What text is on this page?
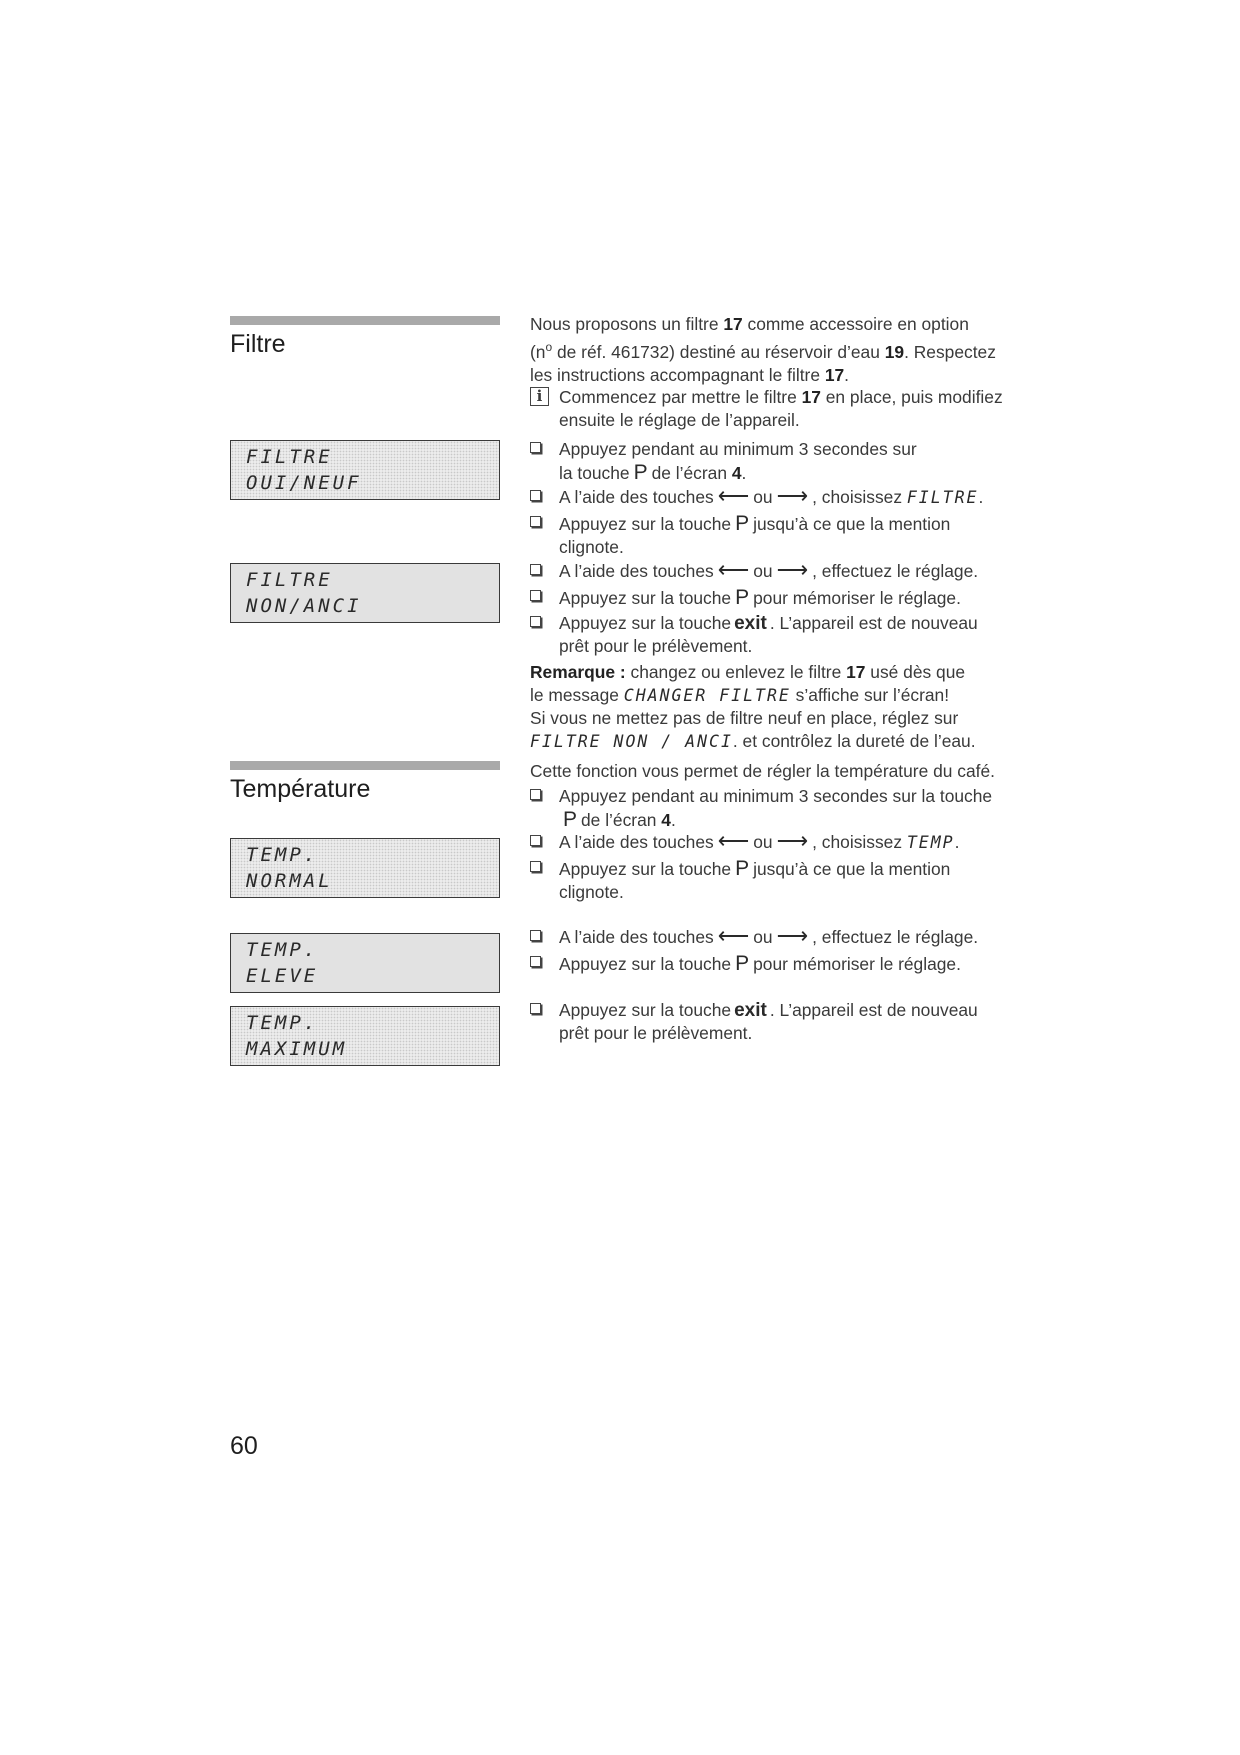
Filtre
FILTRE
OUI/NEUF
FILTRE
NON/ANCI
Température
TEMP.
NORMAL
TEMP.
ELEVE
TEMP.
MAXIMUM
Nous proposons un filtre 17 comme accessoire en option
($n^o$ de réf. 461732) destiné au réservoir d’eau 19. Respectez
les instructions accompagnant le filtre 17.
i Commencez par mettre le filtre 17 en place, puis modifiez
ensuite le réglage de l’appareil.
Appuyez pendant au minimum 3 secondes sur
la touche P de l’écran 4.
A l’aide des touches ⟵ ou ⟶ , choisissez FILTRE.
Appuyez sur la touche P jusqu’à ce que la mention
clignote.
A l’aide des touches ⟵ ou ⟶ , effectuez le réglage.
Appuyez sur la touche P pour mémoriser le réglage.
Appuyez sur la touche exit . L’appareil est de nouveau
prêt pour le prélèvement.
Remarque : changez ou enlevez le filtre 17 usé dès que
le message CHANGER FILTRE s’affiche sur l’écran!
Si vous ne mettez pas de filtre neuf en place, réglez sur
FILTRE NON / ANCI. et contrôlez la dureté de l’eau.
Cette fonction vous permet de régler la température du café.
Appuyez pendant au minimum 3 secondes sur la touche
P de l’écran 4.
A l’aide des touches ⟵ ou ⟶ , choisissez TEMP.
Appuyez sur la touche P jusqu’à ce que la mention
clignote.
A l’aide des touches ⟵ ou ⟶ , effectuez le réglage.
Appuyez sur la touche P pour mémoriser le réglage.
Appuyez sur la touche exit . L’appareil est de nouveau
prêt pour le prélèvement.
60
